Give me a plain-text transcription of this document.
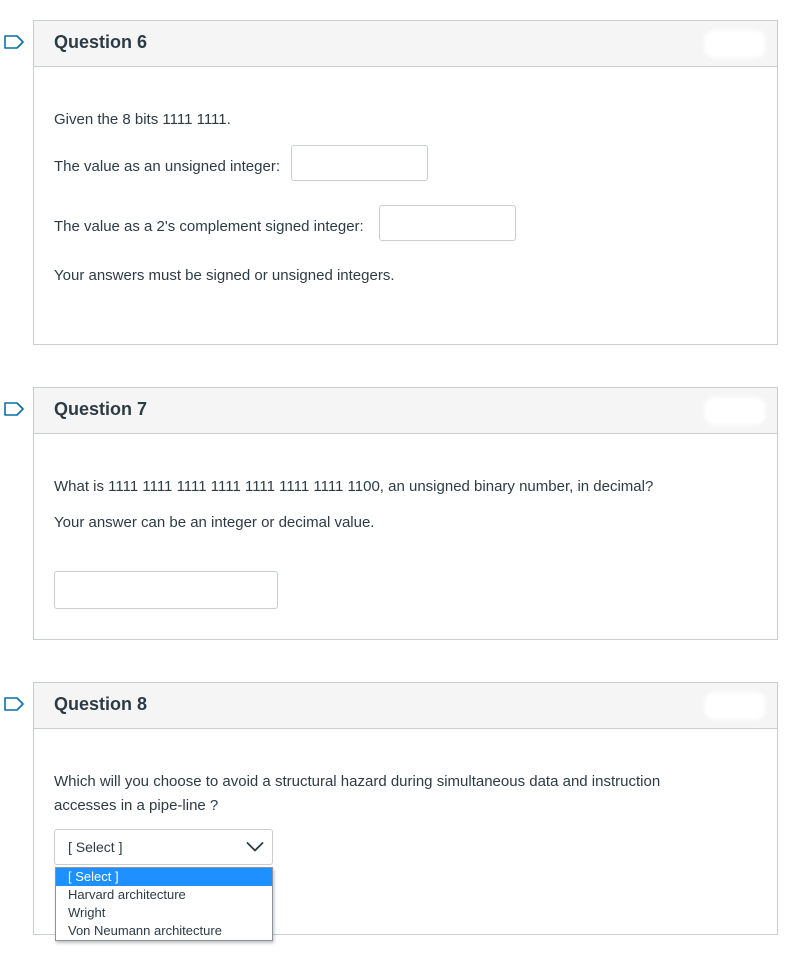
Question 6
Given the 8 bits 1111 1111.
The value as an unsigned integer:
The value as a 2's complement signed integer:
Your answers must be signed or unsigned integers.
Question 7
What is 1111 1111 1111 1111 1111 1111 1111 1100, an unsigned binary number, in decimal?
Your answer can be an integer or decimal value.
Question 8
Which will you choose to avoid a structural hazard during simultaneous data and instruction
accesses in a pipe-line ?
[ Select ]
[ Select ]
Harvard architecture
Wright
Von Neumann architecture
